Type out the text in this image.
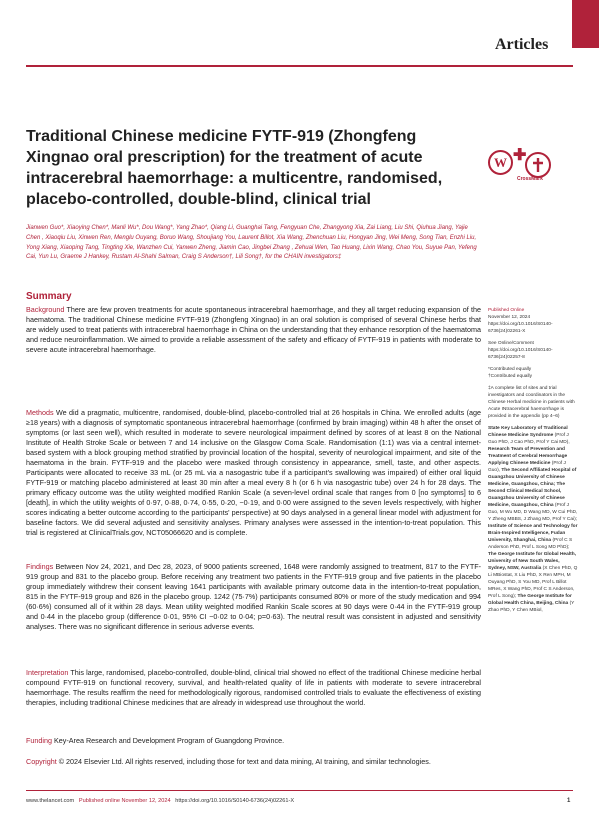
Articles
Traditional Chinese medicine FYTF-919 (Zhongfeng Xingnao oral prescription) for the treatment of acute intracerebral haemorrhage: a multicentre, randomised, placebo-controlled, double-blind, clinical trial
W ✚
CrossMark

Jianwen Guo*, Xiaoying Chen*, Manli Wu*, Dou Wang*, Yang Zhao*, Qiang Li, Guanghai Tang, Fengyuan Che, Zhangyong Xia, Zai Liang, Liu Shi, Qiuhua Jiang, Yajie Chen , Xiaoqiu Liu, Xinwen Ren, Menglu Ouyang, Boruo Wang, Shoujiang You, Laurent Billot, Xia Wang, Zhenchuan Liu, Hongyan Jing, Wei Meng, Song Tian, Enzhi Liu, Yong Xiang, Xiaoping Tang, Tingting Xie, Wanzhen Cui, Yanwen Zheng, Jiamin Cao, Jingbei Zhang , Zehuai Wen, Tao Huang, Lixin Wang, Chao You, Suyue Pan, Yefeng Cai, Yun Lu, Graeme J Hankey, Rustam Al-Shahi Salman, Craig S Anderson†, Lili Song†, for the CHAIN investigators‡

Summary

Background There are few proven treatments for acute spontaneous intracerebral haemorrhage, and they all target reducing expansion of the haematoma. The traditional Chinese medicine FYTF-919 (Zhongfeng Xingnao) in an oral solution is comprised of several Chinese herbs that are widely used to treat patients with intracerebral haemorrhage in China on the understanding that they enhance resorption of the haematoma and reduce neuroinflammation. We aimed to provide a reliable assessment of the safety and efficacy of FYTF-919 in patients with moderate to severe acute intracerebral haemorrhage.

Methods We did a pragmatic, multicentre, randomised, double-blind, placebo-controlled trial at 26 hospitals in China. We enrolled adults (age ≥18 years) with a diagnosis of symptomatic spontaneous intracerebral haemorrhage (confirmed by brain imaging) within 48 h after the onset of symptoms (or last seen well), which resulted in moderate to severe neurological impairment defined by scores of at least 8 on the National Institute of Health Stroke Scale or between 7 and 14 inclusive on the Glasgow Coma Scale. Randomisation (1:1) was via a central internet-based system with a block grouping method stratified by provincial location of the hospital, severity of neurological impairment, and site of the haematoma in the brain. FYTF-919 and the placebo were masked through consistency in appearance, smell, taste, and other aspects. Participants were allocated to receive 33 mL (or 25 mL via a nasogastric tube if a participant's swallowing was impaired) of either oral liquid FYTF-919 or matching placebo administered at least 30 min after a meal every 8 h (or 6 h via nasogastric tube) over 24 h for 28 days. The primary efficacy outcome was the utility weighted modified Rankin Scale (a seven-level ordinal scale that ranges from 0 [no symptoms] to 6 [death], in which the utility weights of 0·97, 0·88, 0·74, 0·55, 0·20, −0·19, and 0·00 were assigned to the seven levels respectively, with higher scores indicating a better outcome according to the participants' perspective) at 90 days analysed in a general linear model with adjustment for baseline factors. We did several adjusted and sensitivity analyses. Primary analyses were assessed in the intention-to-treat population. This trial is registered at ClinicalTrials.gov, NCT05066620 and is complete.

Findings Between Nov 24, 2021, and Dec 28, 2023, of 9000 patients screened, 1648 were randomly assigned to treatment, 817 to the FYTF-919 group and 831 to the placebo group. Before receiving any treatment two patients in the FYTF-919 group and five patients in the placebo group immediately withdrew their consent leaving 1641 participants with available primary outcome data in the intention-to-treat population, 815 in the FYTF-919 group and 826 in the placebo group. 1242 (75·7%) participants consumed 80% or more of the study medication and 994 (60·6%) consumed all of it within 28 days. Mean utility weighted modified Rankin Scale scores at 90 days were 0·44 in the FYTF-919 group and 0·44 in the placebo group (difference 0·01, 95% CI −0·02 to 0·04; p=0·63). The neutral result was consistent in adjusted and sensitivity analyses. There was no significant difference in serious adverse events.

Interpretation This large, randomised, placebo-controlled, double-blind, clinical trial showed no effect of the traditional Chinese medicine herbal compound FYTF-919 on functional recovery, survival, and health-related quality of life in patients with moderate to severe intracerebral haemorrhage. The results reaffirm the need for methodologically rigorous, randomised controlled trials to evaluate the effectiveness of existing therapies, including traditional Chinese medicines that are already in widespread use throughout the world.

Funding Key-Area Research and Development Program of Guangdong Province.

Copyright © 2024 Elsevier Ltd. All rights reserved, including those for text and data mining, AI training, and similar technologies.

Published Online
November 12, 2024
https://doi.org/10.1016/S0140-6736(24)02261-X

See Online/Comment
https://doi.org/10.1016/S0140-6736(24)02257-8

*Contributed equally
†Contributed equally

‡A complete list of sites and trial investigators and coordinators in the Chinese Herbal medicine in patients with Acute INtracerebral haemorrhage is provided in the appendix (pp 4–6)

State Key Laboratory of Traditional Chinese Medicine Syndrome (Prof J Guo PhD, J Cao PhD, Prof Y Cai MD), Research Team of Prevention and Treatment of Cerebral Hemorrhage Applying Chinese Medicine (Prof J Guo), The Second Affiliated Hospital of Guangzhou University of Chinese Medicine, Guangzhou, China; The Second Clinical Medical School, Guangzhou University of Chinese Medicine, Guangzhou, China (Prof J Guo, M Wu MD, D Wang MD, W Cui PhD, Y Zheng MBBS, J Zhang MD, Prof Y Cai); Institute of Science and Technology for Brain-Inspired Intelligence, Fudan University, Shanghai, China (Prof C S Anderson PhD, Prof L Song MD PhD); The George Institute for Global Health, University of New South Wales, Sydney, NSW, Australia (X Chen PhD, Q Li MBiostat, X Liu PhD, X Ren MPH, M Ouyang PhD, S You MD, Prof L Billot MRes, X Wang PhD, Prof C S Anderson, Prof L Song); The George Institute for Global Health China, Beijing, China (Y Zhao PhD, Y Chen MBiol,

www.thelancet.com Published online November 12, 2024 https://doi.org/10.1016/S0140-6736(24)02261-X	1
